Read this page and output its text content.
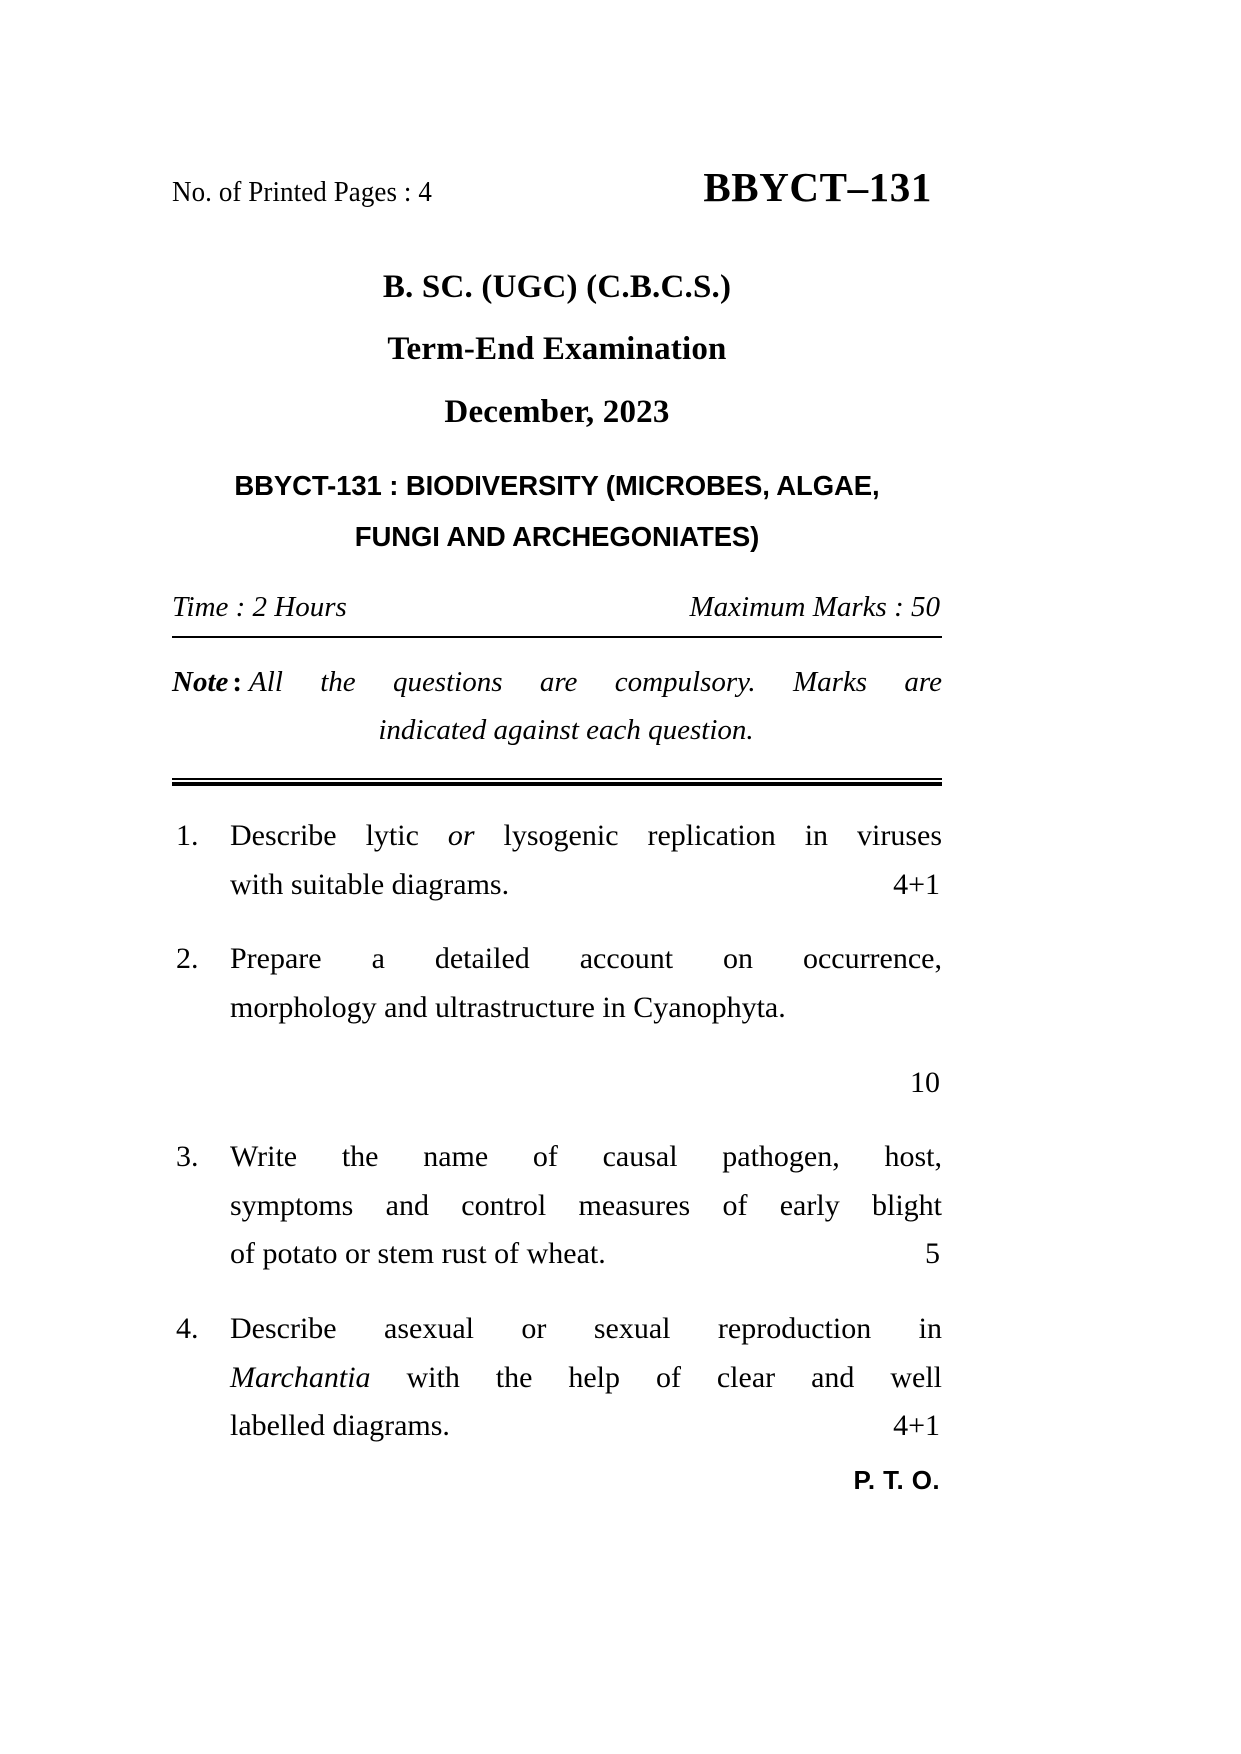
No. of Printed Pages : 4	BBYCT–131
B. SC. (UGC) (C.B.C.S.)
Term-End Examination
December, 2023
BBYCT-131 : BIODIVERSITY (MICROBES, ALGAE,
FUNGI AND ARCHEGONIATES)
Time : 2 Hours	Maximum Marks : 50
Note : All the questions are compulsory. Marks are
indicated against each question.
1.	Describe lytic or lysogenic replication in viruses

with suitable diagrams.	4+1
2.	Prepare a detailed account on occurrence,

morphology and ultrastructure in Cyanophyta.

10
3.	Write the name of causal pathogen, host,

symptoms and control measures of early blight

of potato or stem rust of wheat.	5
4.	Describe asexual or sexual reproduction in

Marchantia with the help of clear and well

labelled diagrams.	4+1
P. T. O.
